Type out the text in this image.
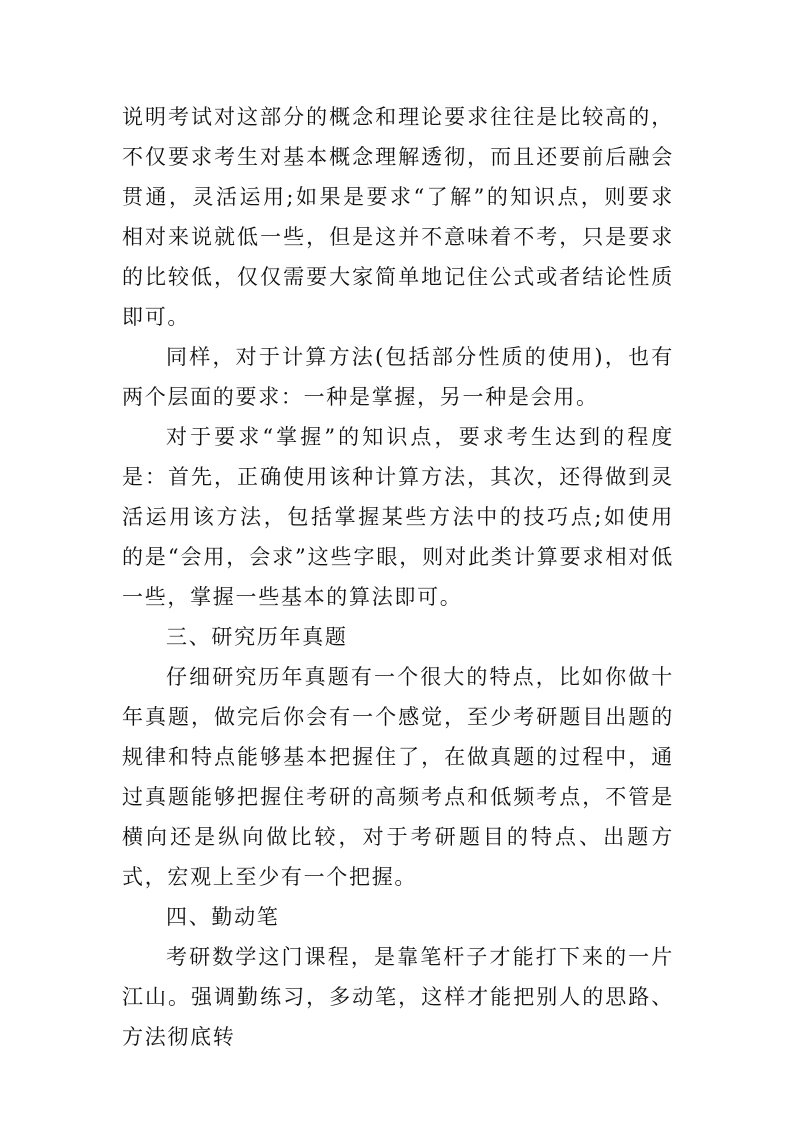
说明考试对这部分的概念和理论要求往往是比较高的，不仅要求考生对基本概念理解透彻，而且还要前后融会贯通，灵活运用;如果是要求“了解”的知识点，则要求相对来说就低一些，但是这并不意味着不考，只是要求的比较低，仅仅需要大家简单地记住公式或者结论性质即可。

同样，对于计算方法(包括部分性质的使用)，也有两个层面的要求：一种是掌握，另一种是会用。

对于要求“掌握”的知识点，要求考生达到的程度是：首先，正确使用该种计算方法，其次，还得做到灵活运用该方法，包括掌握某些方法中的技巧点;如使用的是“会用，会求”这些字眼，则对此类计算要求相对低一些，掌握一些基本的算法即可。

三、研究历年真题

仔细研究历年真题有一个很大的特点，比如你做十年真题，做完后你会有一个感觉，至少考研题目出题的规律和特点能够基本把握住了，在做真题的过程中，通过真题能够把握住考研的高频考点和低频考点，不管是横向还是纵向做比较，对于考研题目的特点、出题方式，宏观上至少有一个把握。

四、勤动笔

考研数学这门课程，是靠笔杆子才能打下来的一片江山。强调勤练习，多动笔，这样才能把别人的思路、方法彻底转
